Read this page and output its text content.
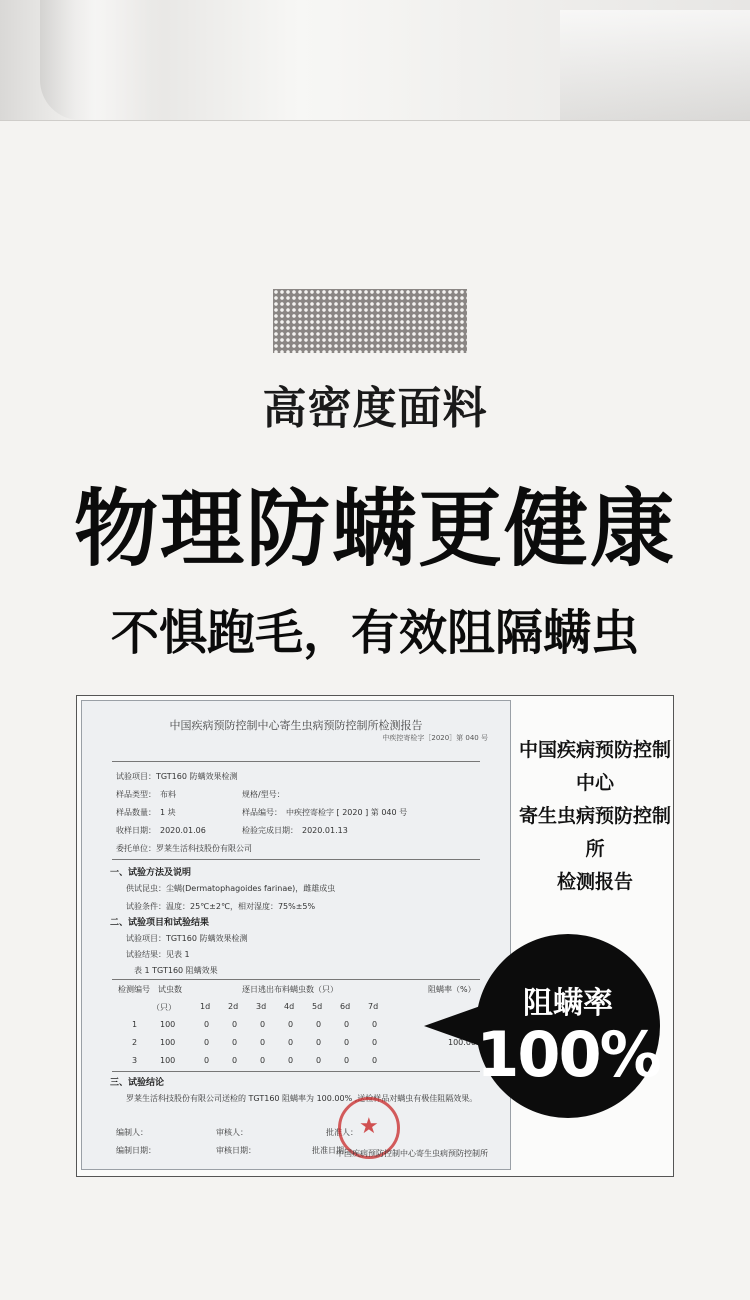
高密度面料
物理防螨更健康
不惧跑毛，有效阻隔螨虫
中国疾病预防控制中心寄生虫病预防控制所检测报告
中疾控寄检字［2020］第 040 号
试验项目：TGT160 防螨效果检测
样品类型：　布料	规格/型号：
样品数量：　1 块	样品编号：　中疾控寄检字 [ 2020 ] 第 040 号
收样日期：　2020.01.06	检验完成日期：　2020.01.13
委托单位：罗莱生活科技股份有限公司
一、试验方法及说明
供试昆虫：尘螨(Dermatophagoides farinae)，雌雄成虫
试验条件：温度：25℃±2℃，相对湿度：75%±5%
二、试验项目和试验结果
试验项目：TGT160 防螨效果检测
试验结果：见表 1
表 1 TGT160 阻螨效果
检测编号 试虫数	逐日逃出布料螨虫数（只）	阻螨率（%）
（只）	1d 2d 3d 4d 5d 6d 7d
1	100	0	0	0	0	0	0	0
2	100	0	0	0	0	0	0	0	100.00
3	100	0	0	0	0	0	0	0
三、试验结论
罗莱生活科技股份有限公司送检的 TGT160 阻螨率为 100.00% ,送检样品对螨虫有极佳阻隔效果。
编制人：	审核人：	批准人：
编制日期：	审核日期：	批准日期：
★
中国疾病预防控制中心寄生虫病预防控制所
中国疾病预防控制中心
寄生虫病预防控制所
检测报告
阻螨率
100%
